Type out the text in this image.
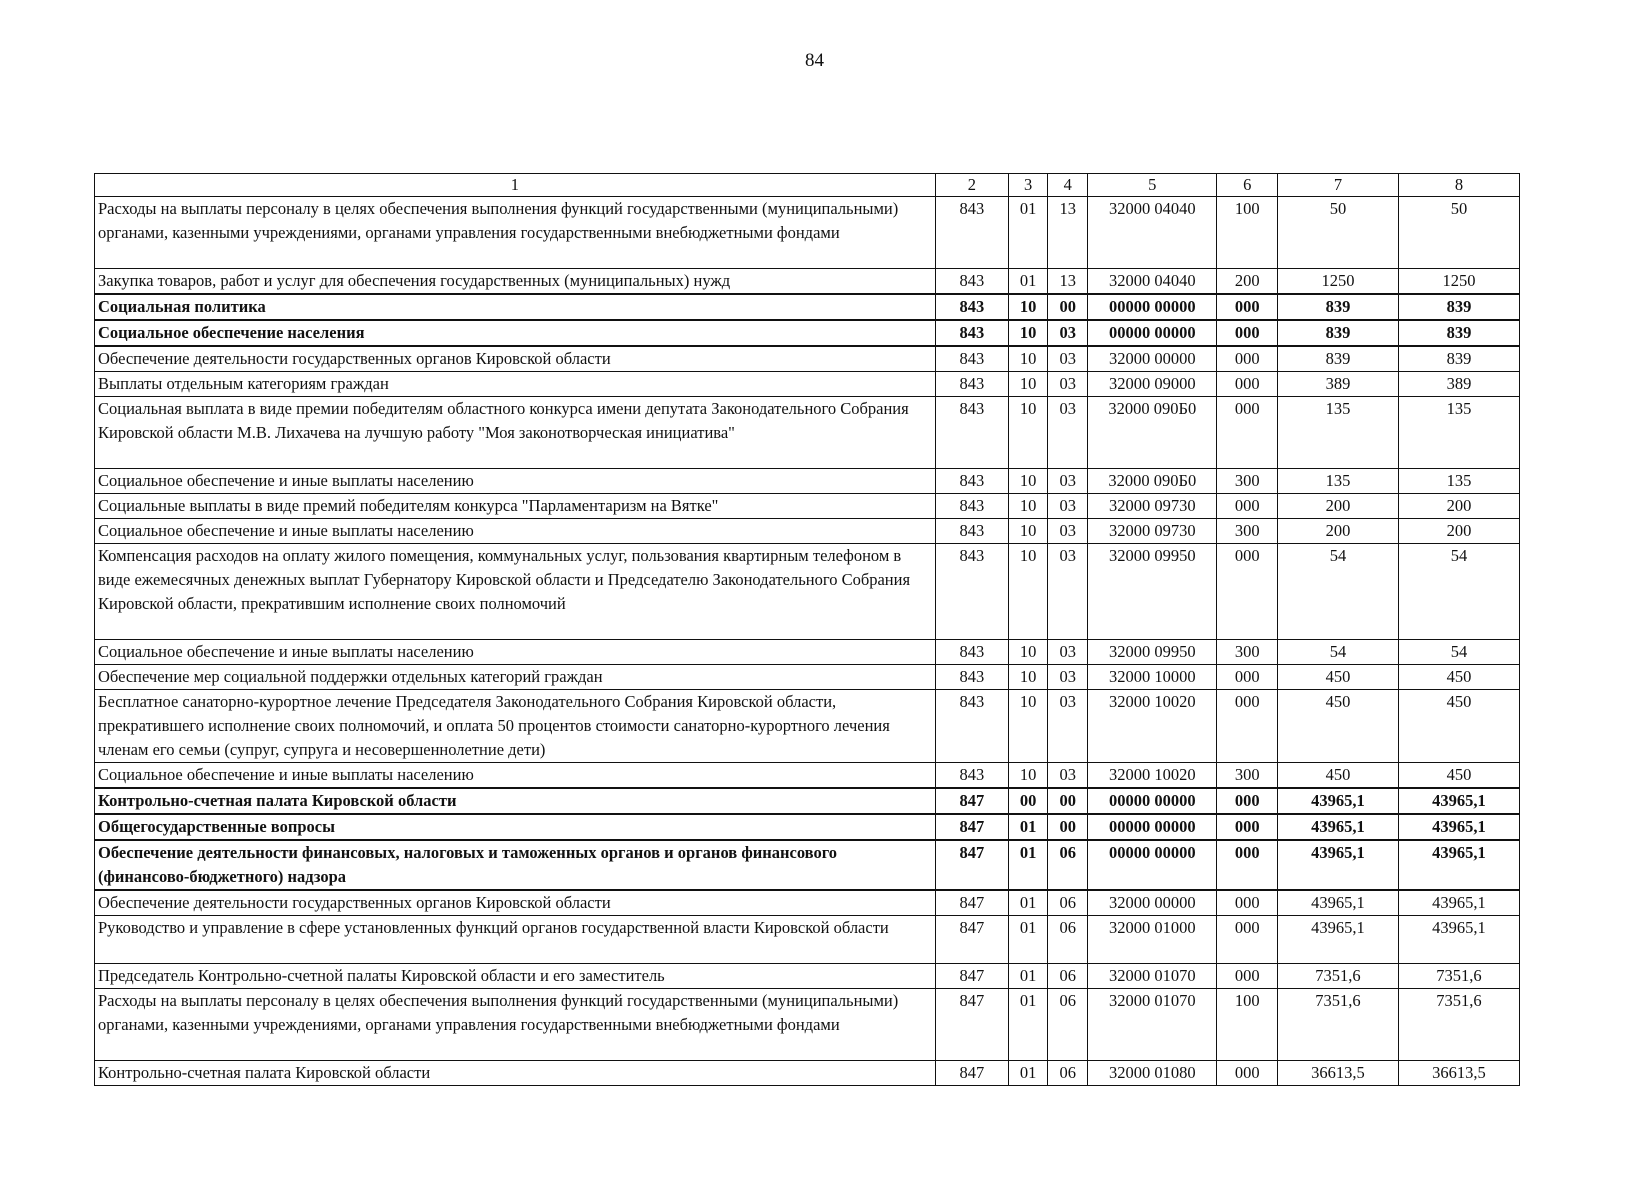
84
1	2	3	4	5	6	7	8
Расходы на выплаты персоналу в целях обеспечения выполнения функций государственными (муниципальными) органами, казенными учреждениями, органами управления государственными внебюджетными фондами	843	01	13	32000 04040	100	50	50
Закупка товаров, работ и услуг для обеспечения государственных (муниципальных) нужд	843	01	13	32000 04040	200	1250	1250
Социальная политика	843	10	00	00000 00000	000	839	839
Социальное обеспечение населения	843	10	03	00000 00000	000	839	839
Обеспечение деятельности государственных органов Кировской области	843	10	03	32000 00000	000	839	839
Выплаты отдельным категориям граждан	843	10	03	32000 09000	000	389	389
Социальная выплата в виде премии победителям областного конкурса имени депутата Законодательного Собрания Кировской области М.В. Лихачева на лучшую работу "Моя законотворческая инициатива"	843	10	03	32000 090Б0	000	135	135
Социальное обеспечение и иные выплаты населению	843	10	03	32000 090Б0	300	135	135
Социальные выплаты в виде премий победителям конкурса "Парламентаризм на Вятке"	843	10	03	32000 09730	000	200	200
Социальное обеспечение и иные выплаты населению	843	10	03	32000 09730	300	200	200
Компенсация расходов на оплату жилого помещения, коммунальных услуг, пользования квартирным телефоном в виде ежемесячных денежных выплат Губернатору Кировской области и Председателю Законодательного Собрания Кировской области, прекратившим исполнение своих полномочий	843	10	03	32000 09950	000	54	54
Социальное обеспечение и иные выплаты населению	843	10	03	32000 09950	300	54	54
Обеспечение мер социальной поддержки отдельных категорий граждан	843	10	03	32000 10000	000	450	450
Бесплатное санаторно-курортное лечение Председателя Законодательного Собрания Кировской области, прекратившего исполнение своих полномочий, и оплата 50 процентов стоимости санаторно-курортного лечения членам его семьи (супруг, супруга и несовершеннолетние дети)	843	10	03	32000 10020	000	450	450
Социальное обеспечение и иные выплаты населению	843	10	03	32000 10020	300	450	450
Контрольно-счетная палата Кировской области	847	00	00	00000 00000	000	43965,1	43965,1
Общегосударственные вопросы	847	01	00	00000 00000	000	43965,1	43965,1
Обеспечение деятельности финансовых, налоговых и таможенных органов и органов финансового (финансово-бюджетного) надзора	847	01	06	00000 00000	000	43965,1	43965,1
Обеспечение деятельности государственных органов Кировской области	847	01	06	32000 00000	000	43965,1	43965,1
Руководство и управление в сфере установленных функций органов государственной власти Кировской области	847	01	06	32000 01000	000	43965,1	43965,1
Председатель Контрольно-счетной палаты Кировской области и его заместитель	847	01	06	32000 01070	000	7351,6	7351,6
Расходы на выплаты персоналу в целях обеспечения выполнения функций государственными (муниципальными) органами, казенными учреждениями, органами управления государственными внебюджетными фондами	847	01	06	32000 01070	100	7351,6	7351,6
Контрольно-счетная палата Кировской области	847	01	06	32000 01080	000	36613,5	36613,5
